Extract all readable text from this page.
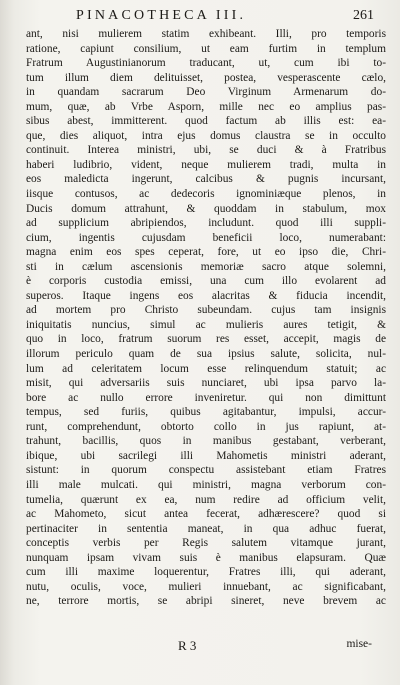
PINACOTHECA III.	261
ant, nisi mulierem statim exhibeant. Illi, pro temporis
ratione, capiunt consilium, ut eam furtim in templum
Fratrum Augustinianorum traducant, ut, cum ibi to-
tum illum diem delituisset, postea, vesperascente cælo,
in quandam sacrarum Deo Virginum Armenarum do-
mum, quæ, ab Vrbe Asporn, mille nec eo amplius pas-
sibus abest, immitterent. quod factum ab illis est: ea-
que, dies aliquot, intra ejus domus claustra se in occulto
continuit. Interea ministri, ubi, se duci & à Fratribus
haberi ludibrio, vident, neque mulierem tradi, multa in
eos maledicta ingerunt, calcibus & pugnis incursant,
iisque contusos, ac dedecoris ignominiæque plenos, in
Ducis domum attrahunt, & quoddam in stabulum, mox
ad supplicium abripiendos, includunt. quod illi suppli-
cium, ingentis cujusdam beneficii loco, numerabant:
magna enim eos spes ceperat, fore, ut eo ipso die, Chri-
sti in cælum ascensionis memoriæ sacro atque solemni,
è corporis custodia emissi, una cum illo evolarent ad
superos. Itaque ingens eos alacritas & fiducia incendit,
ad mortem pro Christo subeundam. cujus tam insignis
iniquitatis nuncius, simul ac mulieris aures tetigit, &
quo in loco, fratrum suorum res esset, accepit, magis de
illorum periculo quam de sua ipsius salute, solicita, nul-
lum ad celeritatem locum esse relinquendum statuit; ac
misit, qui adversariis suis nunciaret, ubi ipsa parvo la-
bore ac nullo errore inveniretur. qui non dimittunt
tempus, sed furiis, quibus agitabantur, impulsi, accur-
runt, comprehendunt, obtorto collo in jus rapiunt, at-
trahunt, bacillis, quos in manibus gestabant, verberant,
ibique, ubi sacrilegi illi Mahometis ministri aderant,
sistunt: in quorum conspectu assistebant etiam Fratres
illi male mulcati. qui ministri, magna verborum con-
tumelia, quærunt ex ea, num redire ad officium velit,
ac Mahometo, sicut antea fecerat, adhærescere? quod si
pertinaciter in sententia maneat, in qua adhuc fuerat,
conceptis verbis per Regis salutem vitamque jurant,
nunquam ipsam vivam suis è manibus elapsuram. Quæ
cum illi maxime loquerentur, Fratres illi, qui aderant,
nutu, oculis, voce, mulieri innuebant, ac significabant,
ne, terrore mortis, se abripi sineret, neve brevem ac
R 3	mise-
